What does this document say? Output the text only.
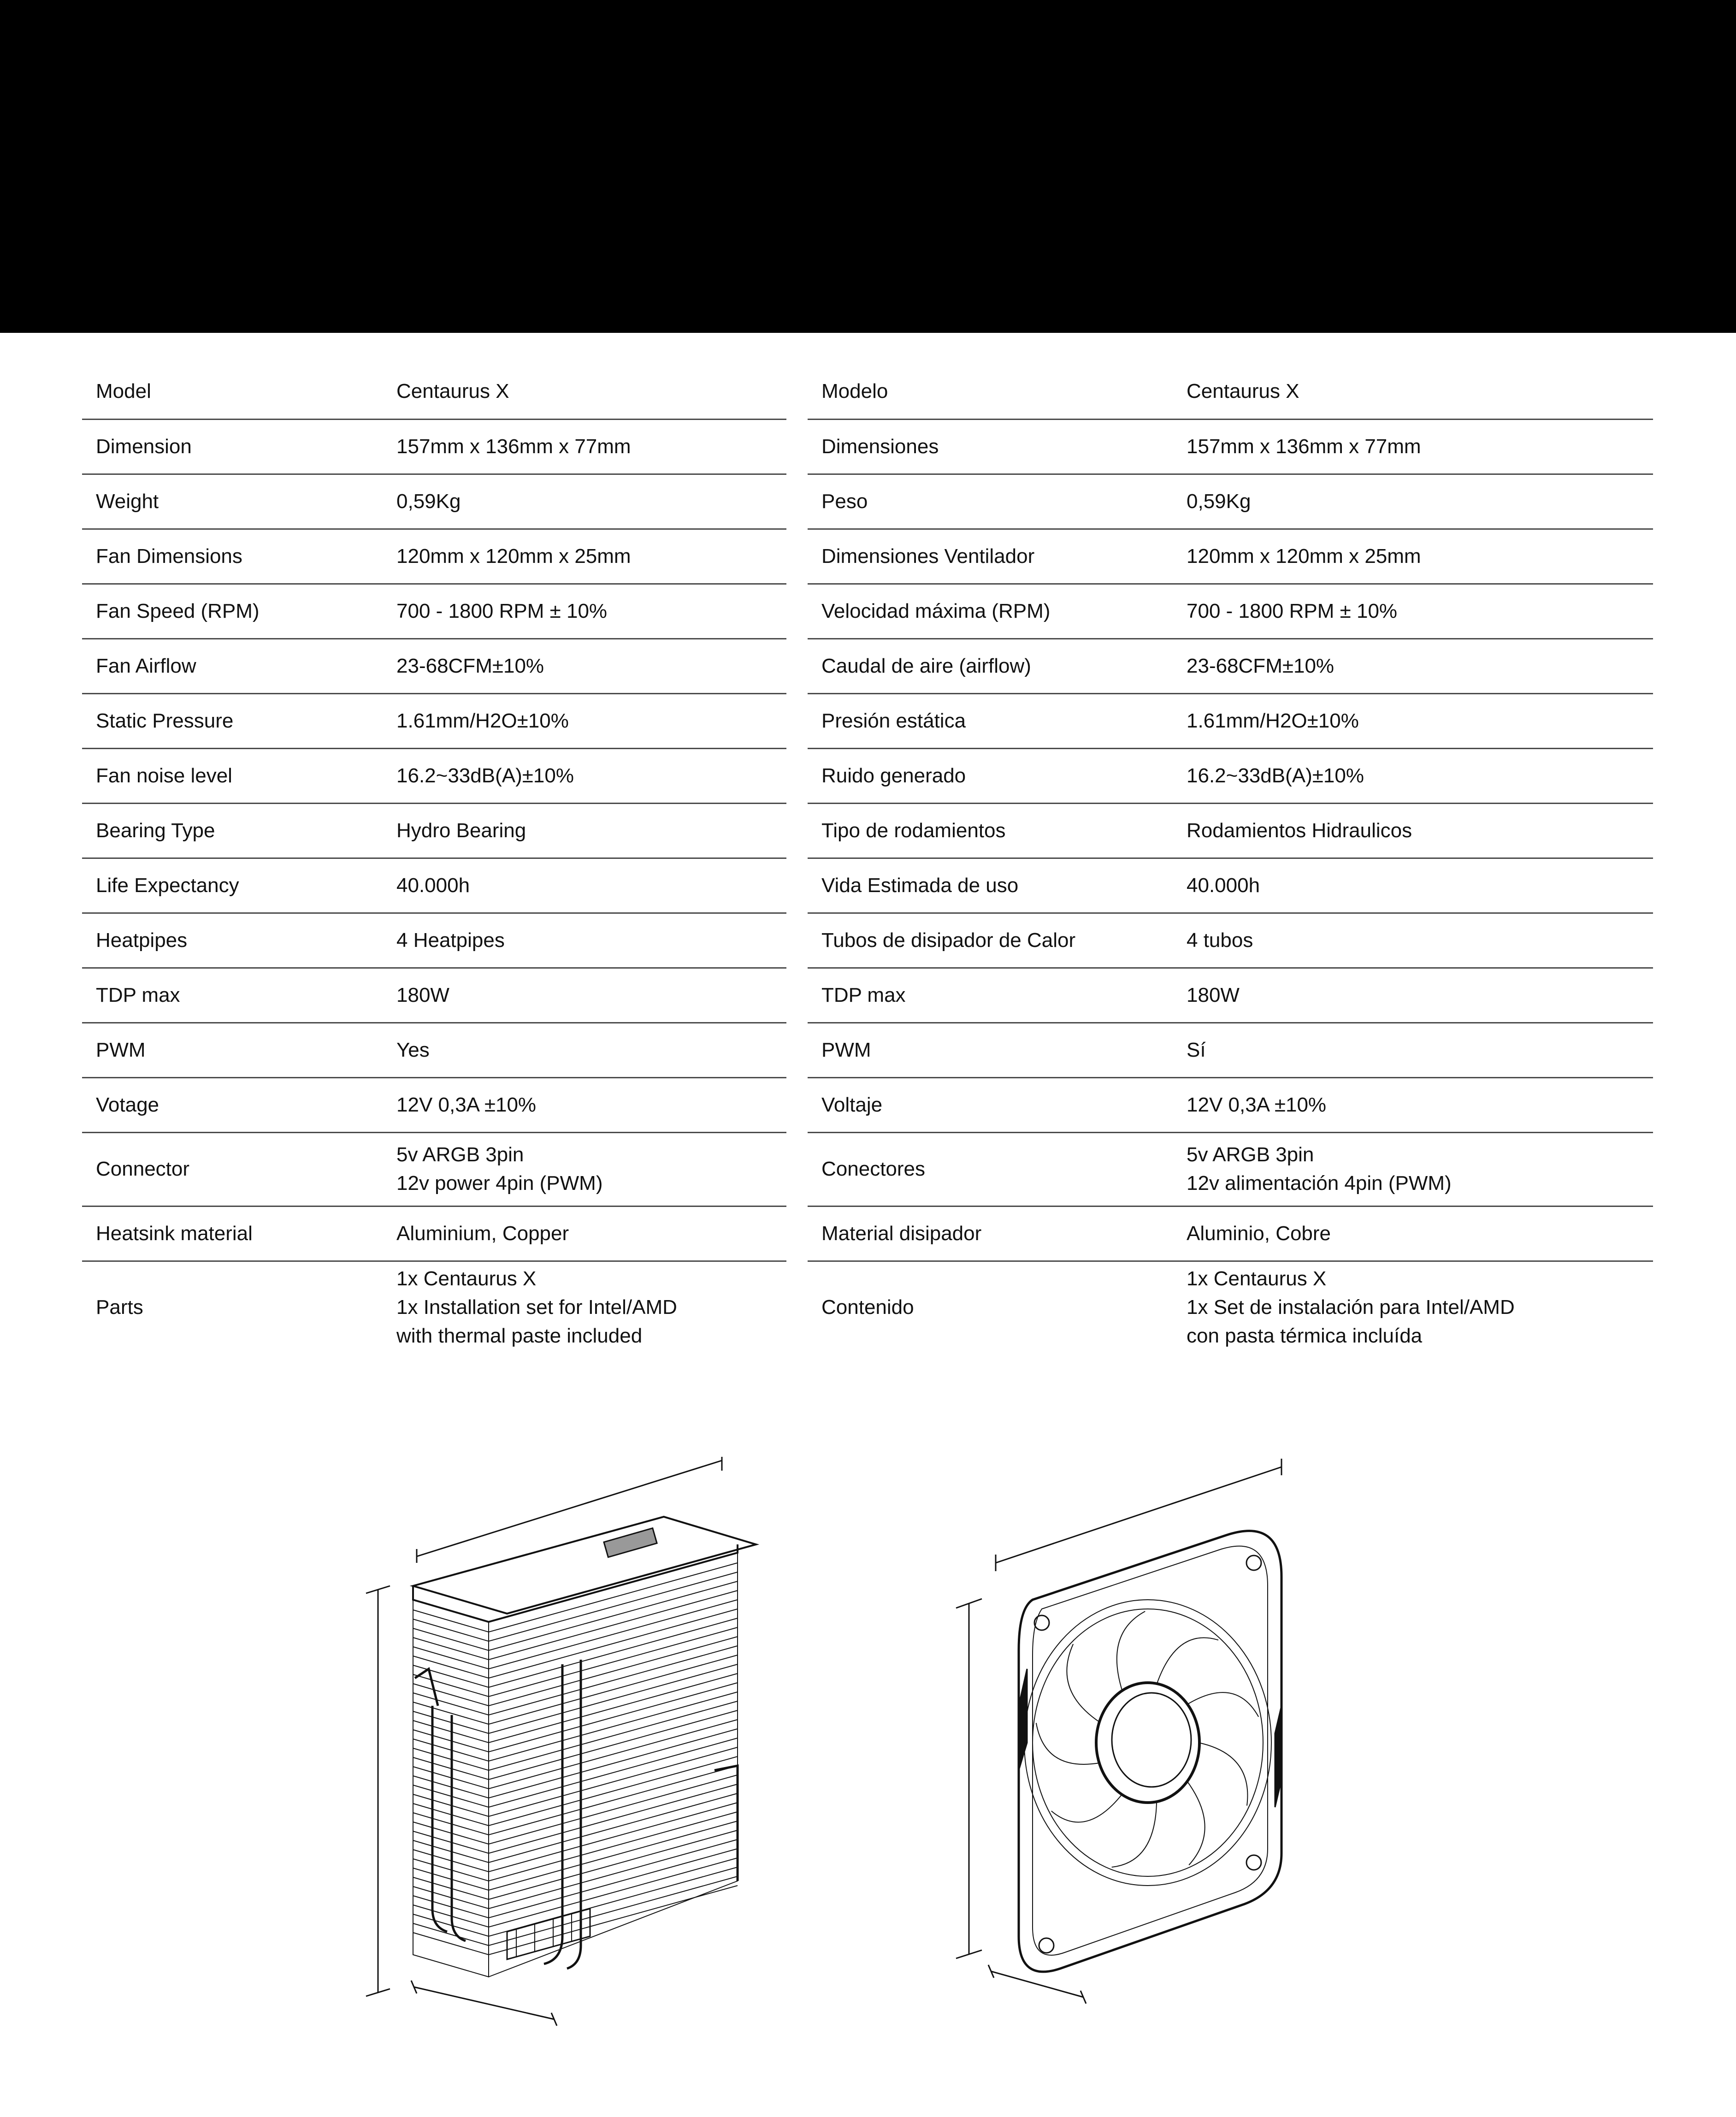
Model	Centaurus X

Dimension	157mm x 136mm x 77mm

Weight	0,59Kg

Fan Dimensions	120mm x 120mm x 25mm

Fan Speed (RPM)	700 - 1800 RPM ± 10%

Fan Airflow	23-68CFM±10%

Static Pressure	1.61mm/H2O±10%

Fan noise level	16.2~33dB(A)±10%

Bearing Type	Hydro Bearing

Life Expectancy	40.000h

Heatpipes	4 Heatpipes

TDP max	180W

PWM	Yes

Votage	12V 0,3A ±10%

Connector	5v ARGB 3pin
12v power 4pin (PWM)

Heatsink material	Aluminium, Copper

Parts	1x Centaurus X
1x Installation set for Intel/AMD
with thermal paste included
Modelo	Centaurus X

Dimensiones	157mm x 136mm x 77mm

Peso	0,59Kg

Dimensiones Ventilador	120mm x 120mm x 25mm

Velocidad máxima (RPM)	700 - 1800 RPM ± 10%

Caudal de aire (airflow)	23-68CFM±10%

Presión estática	1.61mm/H2O±10%

Ruido generado	16.2~33dB(A)±10%

Tipo de rodamientos	Rodamientos Hidraulicos

Vida Estimada de uso	40.000h

Tubos de disipador de Calor	4 tubos

TDP max	180W

PWM	Sí

Voltaje	12V 0,3A ±10%

Conectores	5v ARGB 3pin
12v alimentación 4pin (PWM)

Material disipador	Aluminio, Cobre

Contenido	1x Centaurus X
1x Set de instalación para Intel/AMD
con pasta térmica incluída
